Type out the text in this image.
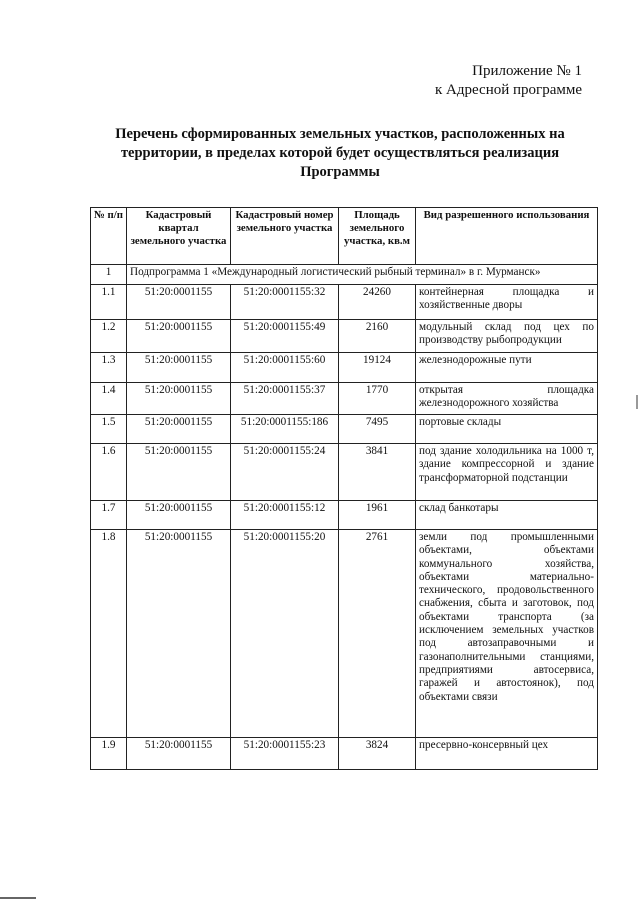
Приложение № 1
к Адресной программе
Перечень сформированных земельных участков, расположенных на территории, в пределах которой будет осуществляться реализация Программы
№ п/п	Кадастровый квартал земельного участка	Кадастровый номер земельного участка	Площадь земельного участка, кв.м	Вид разрешенного использования
1	Подпрограмма 1 «Международный логистический рыбный терминал» в г. Мурманск»			
1.1	51:20:0001155	51:20:0001155:32	24260	контейнерная площадка и хозяйственные дворы
1.2	51:20:0001155	51:20:0001155:49	2160	модульный склад под цех по производству рыбопродукции
1.3	51:20:0001155	51:20:0001155:60	19124	железнодорожные пути
1.4	51:20:0001155	51:20:0001155:37	1770	открытая площадка железнодорожного хозяйства
1.5	51:20:0001155	51:20:0001155:186	7495	портовые склады
1.6	51:20:0001155	51:20:0001155:24	3841	под здание холодильника на 1000 т, здание компрессорной и здание трансформаторной подстанции
1.7	51:20:0001155	51:20:0001155:12	1961	склад банкотары
1.8	51:20:0001155	51:20:0001155:20	2761	земли под промышленными объектами, объектами коммунального хозяйства, объектами материально-технического, продовольственного снабжения, сбыта и заготовок, под объектами транспорта (за исключением земельных участков под автозаправочными и газонаполнительными станциями, предприятиями автосервиса, гаражей и автостоянок), под объектами связи
1.9	51:20:0001155	51:20:0001155:23	3824	пресервно-консервный цех
